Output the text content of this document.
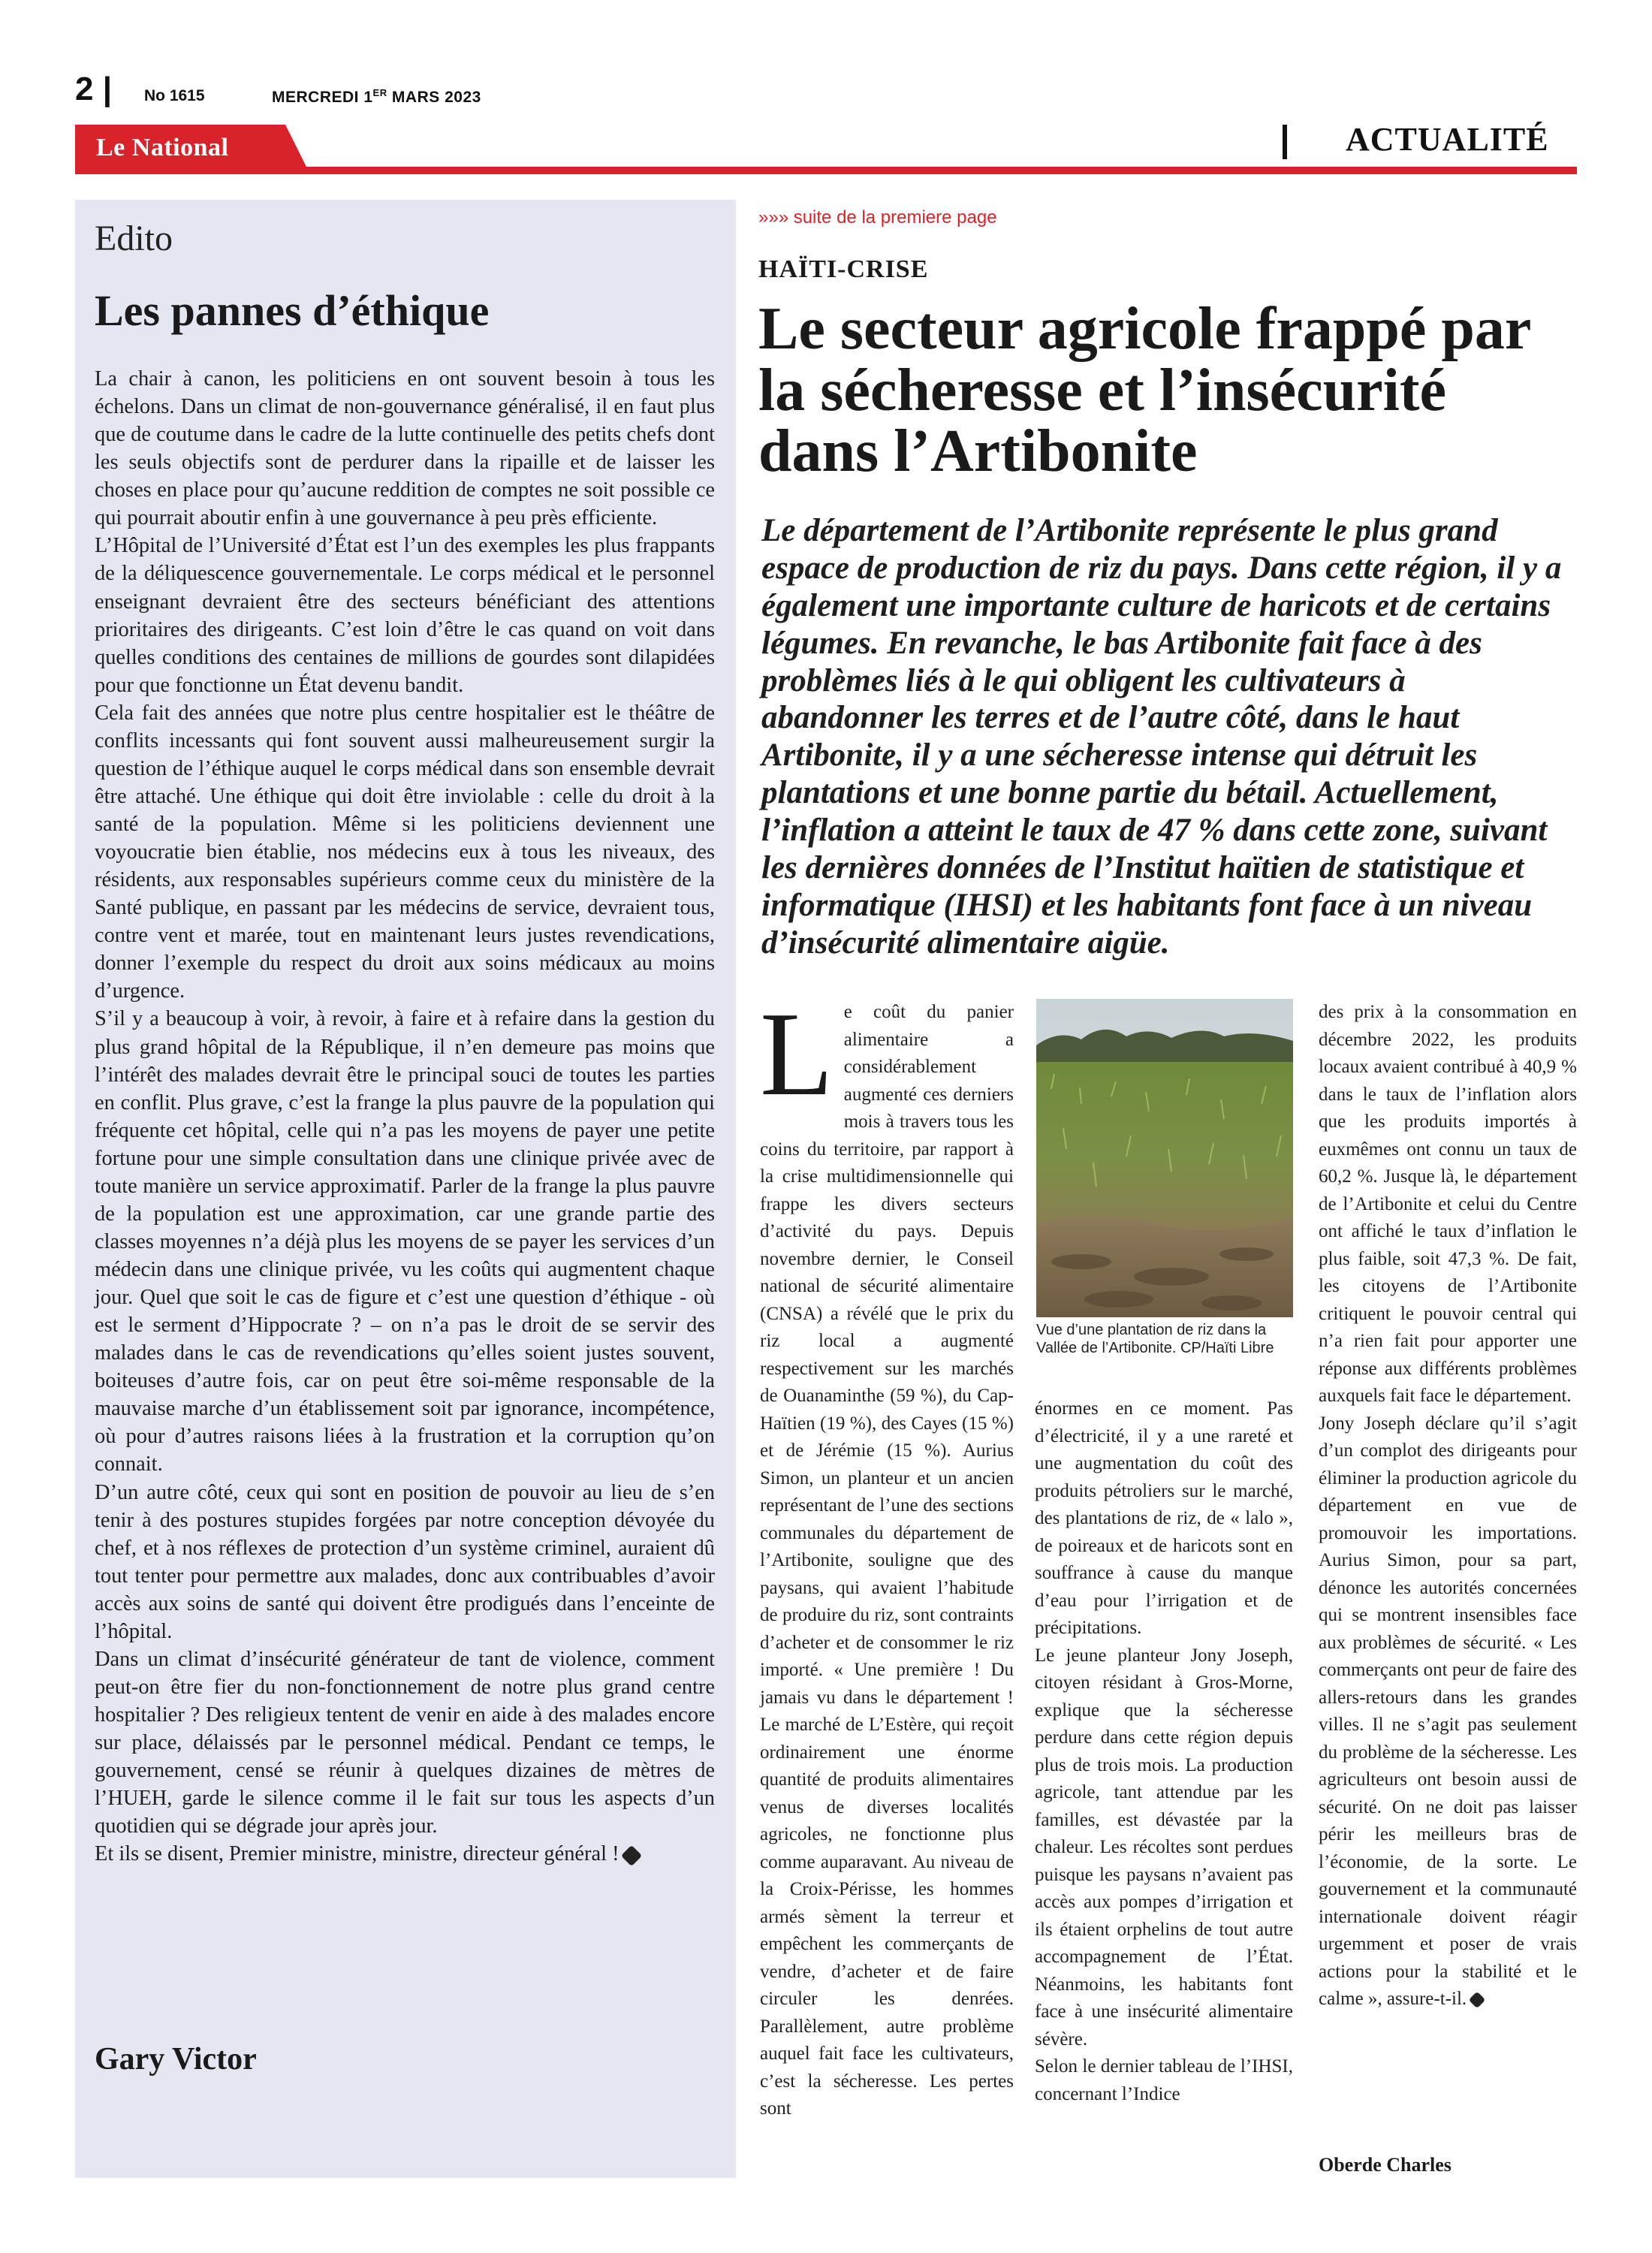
2 | No 1615	MERCREDI 1ER MARS 2023
Le National	ACTUALITÉ
Edito
Les pannes d’éthique

La chair à canon, les politiciens en ont souvent besoin à tous les échelons. Dans un climat de non-gouvernance généralisé, il en faut plus que de coutume dans le cadre de la lutte continuelle des petits chefs dont les seuls objectifs sont de perdurer dans la ripaille et de laisser les choses en place pour qu’aucune reddition de comptes ne soit possible ce qui pourrait aboutir enfin à une gouvernance à peu près efficiente.

L’Hôpital de l’Université d’État est l’un des exemples les plus frappants de la déliquescence gouvernementale. Le corps médical et le personnel enseignant devraient être des secteurs bénéficiant des attentions prioritaires des dirigeants. C’est loin d’être le cas quand on voit dans quelles conditions des centaines de millions de gourdes sont dilapidées pour que fonctionne un État devenu bandit.

Cela fait des années que notre plus centre hospitalier est le théâtre de conflits incessants qui font souvent aussi malheureusement surgir la question de l’éthique auquel le corps médical dans son ensemble devrait être attaché. Une éthique qui doit être inviolable : celle du droit à la santé de la population. Même si les politiciens deviennent une voyoucratie bien établie, nos médecins eux à tous les niveaux, des résidents, aux responsables supérieurs comme ceux du ministère de la Santé publique, en passant par les médecins de service, devraient tous, contre vent et marée, tout en maintenant leurs justes revendications, donner l’exemple du respect du droit aux soins médicaux au moins d’urgence.

S’il y a beaucoup à voir, à revoir, à faire et à refaire dans la gestion du plus grand hôpital de la République, il n’en demeure pas moins que l’intérêt des malades devrait être le principal souci de toutes les parties en conflit. Plus grave, c’est la frange la plus pauvre de la population qui fréquente cet hôpital, celle qui n’a pas les moyens de payer une petite fortune pour une simple consultation dans une clinique privée avec de toute manière un service approximatif. Parler de la frange la plus pauvre de la population est une approximation, car une grande partie des classes moyennes n’a déjà plus les moyens de se payer les services d’un médecin dans une clinique privée, vu les coûts qui augmentent chaque jour. Quel que soit le cas de figure et c’est une question d’éthique - où est le serment d’Hippocrate ? – on n’a pas le droit de se servir des malades dans le cas de revendications qu’elles soient justes souvent, boiteuses d’autre fois, car on peut être soi-même responsable de la mauvaise marche d’un établissement soit par ignorance, incompétence, où pour d’autres raisons liées à la frustration et la corruption qu’on connait.

D’un autre côté, ceux qui sont en position de pouvoir au lieu de s’en tenir à des postures stupides forgées par notre conception dévoyée du chef, et à nos réflexes de protection d’un système criminel, auraient dû tout tenter pour permettre aux malades, donc aux contribuables d’avoir accès aux soins de santé qui doivent être prodigués dans l’enceinte de l’hôpital.

Dans un climat d’insécurité générateur de tant de violence, comment peut-on être fier du non-fonctionnement de notre plus grand centre hospitalier ? Des religieux tentent de venir en aide à des malades encore sur place, délaissés par le personnel médical. Pendant ce temps, le gouvernement, censé se réunir à quelques dizaines de mètres de l’HUEH, garde le silence comme il le fait sur tous les aspects d’un quotidien qui se dégrade jour après jour.

Et ils se disent, Premier ministre, ministre, directeur général !

Gary Victor
»»» suite de la premiere page
HAÏTI-CRISE
Le secteur agricole frappé par la sécheresse et l’insécurité dans l’Artibonite
Le département de l’Artibonite représente le plus grand espace de production de riz du pays. Dans cette région, il y a également une importante culture de haricots et de certains légumes. En revanche, le bas Artibonite fait face à des problèmes liés à le qui obligent les cultivateurs à abandonner les terres et de l’autre côté, dans le haut Artibonite, il y a une sécheresse intense qui détruit les plantations et une bonne partie du bétail. Actuellement, l’inflation a atteint le taux de 47 % dans cette zone, suivant les dernières données de l’Institut haïtien de statistique et informatique (IHSI) et les habitants font face à un niveau d’insécurité alimentaire aigüe.
L e coût du panier alimentaire a considérablement augmenté ces derniers mois à travers tous les coins du territoire, par rapport à la crise multidimensionnelle qui frappe les divers secteurs d’activité du pays. Depuis novembre dernier, le Conseil national de sécurité alimentaire (CNSA) a révélé que le prix du riz local a augmenté respectivement sur les marchés de Ouanaminthe (59 %), du Cap-Haïtien (19 %), des Cayes (15 %) et de Jérémie (15 %). Aurius Simon, un planteur et un ancien représentant de l’une des sections communales du département de l’Artibonite, souligne que des paysans, qui avaient l’habitude de produire du riz, sont contraints d’acheter et de consommer le riz importé. « Une première ! Du jamais vu dans le département ! Le marché de L’Estère, qui reçoit ordinairement une énorme quantité de produits alimentaires venus de diverses localités agricoles, ne fonctionne plus comme auparavant. Au niveau de la Croix-Périsse, les hommes armés sèment la terreur et empêchent les commerçants de vendre, d’acheter et de faire circuler les denrées. Parallèlement, autre problème auquel fait face les cultivateurs, c’est la sécheresse. Les pertes sont

Vue d’une plantation de riz dans la Vallée de l’Artibonite. CP/Haïti Libre

énormes en ce moment. Pas d’électricité, il y a une rareté et une augmentation du coût des produits pétroliers sur le marché, des plantations de riz, de « lalo », de poireaux et de haricots sont en souffrance à cause du manque d’eau pour l’irrigation et de précipitations.

Le jeune planteur Jony Joseph, citoyen résidant à Gros-Morne, explique que la sécheresse perdure dans cette région depuis plus de trois mois. La production agricole, tant attendue par les familles, est dévastée par la chaleur. Les récoltes sont perdues puisque les paysans n’avaient pas accès aux pompes d’irrigation et ils étaient orphelins de tout autre accompagnement de l’État. Néanmoins, les habitants font face à une insécurité alimentaire sévère.

Selon le dernier tableau de l’IHSI, concernant l’Indice

des prix à la consommation en décembre 2022, les produits locaux avaient contribué à 40,9 % dans le taux de l’inflation alors que les produits importés à euxmêmes ont connu un taux de 60,2 %. Jusque là, le département de l’Artibonite et celui du Centre ont affiché le taux d’inflation le plus faible, soit 47,3 %. De fait, les citoyens de l’Artibonite critiquent le pouvoir central qui n’a rien fait pour apporter une réponse aux différents problèmes auxquels fait face le département.

Jony Joseph déclare qu’il s’agit d’un complot des dirigeants pour éliminer la production agricole du département en vue de promouvoir les importations. Aurius Simon, pour sa part, dénonce les autorités concernées qui se montrent insensibles face aux problèmes de sécurité. « Les commerçants ont peur de faire des allers-retours dans les grandes villes. Il ne s’agit pas seulement du problème de la sécheresse. Les agriculteurs ont besoin aussi de sécurité. On ne doit pas laisser périr les meilleurs bras de l’économie, de la sorte. Le gouvernement et la communauté internationale doivent réagir urgemment et poser de vrais actions pour la stabilité et le calme », assure-t-il.

Oberde Charles
